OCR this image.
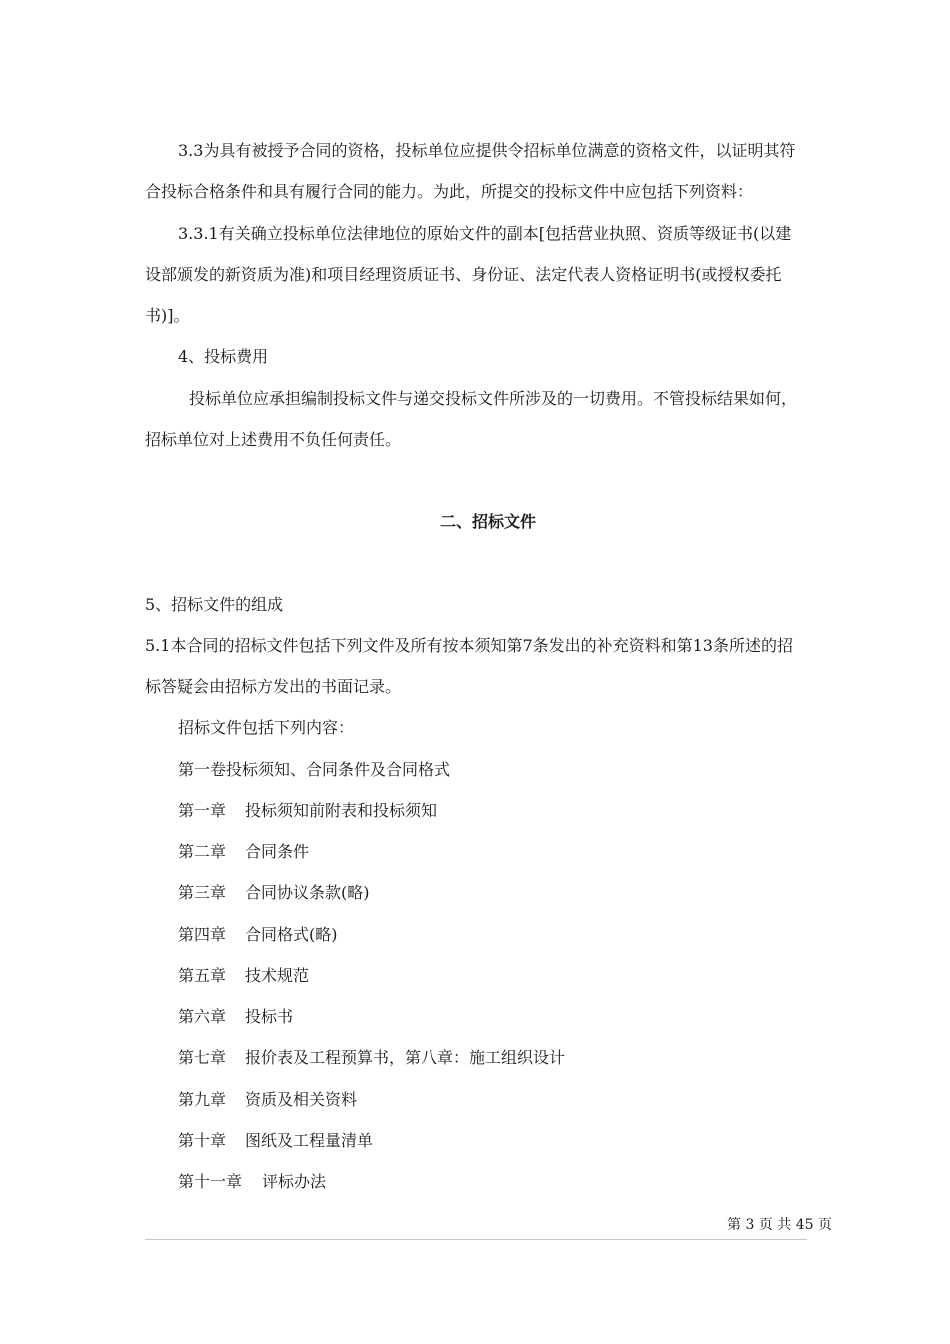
3.3为具有被授予合同的资格，投标单位应提供令招标单位满意的资格文件，以证明其符
合投标合格条件和具有履行合同的能力。为此，所提交的投标文件中应包括下列资料：
3.3.1有关确立投标单位法律地位的原始文件的副本[包括营业执照、资质等级证书(以建
设部颁发的新资质为准)和项目经理资质证书、身份证、法定代表人资格证明书(或授权委托
书)]。
4、投标费用
投标单位应承担编制投标文件与递交投标文件所涉及的一切费用。不管投标结果如何，
招标单位对上述费用不负任何责任。
二、招标文件
5、招标文件的组成
5.1本合同的招标文件包括下列文件及所有按本须知第7条发出的补充资料和第13条所述的招
标答疑会由招标方发出的书面记录。
招标文件包括下列内容：
第一卷投标须知、合同条件及合同格式
第一章 投标须知前附表和投标须知
第二章 合同条件
第三章 合同协议条款(略)
第四章 合同格式(略)
第五章 技术规范
第六章 投标书
第七章 报价表及工程预算书，第八章：施工组织设计
第九章 资质及相关资料
第十章 图纸及工程量清单
第十一章 评标办法
第 3 页 共 45 页
